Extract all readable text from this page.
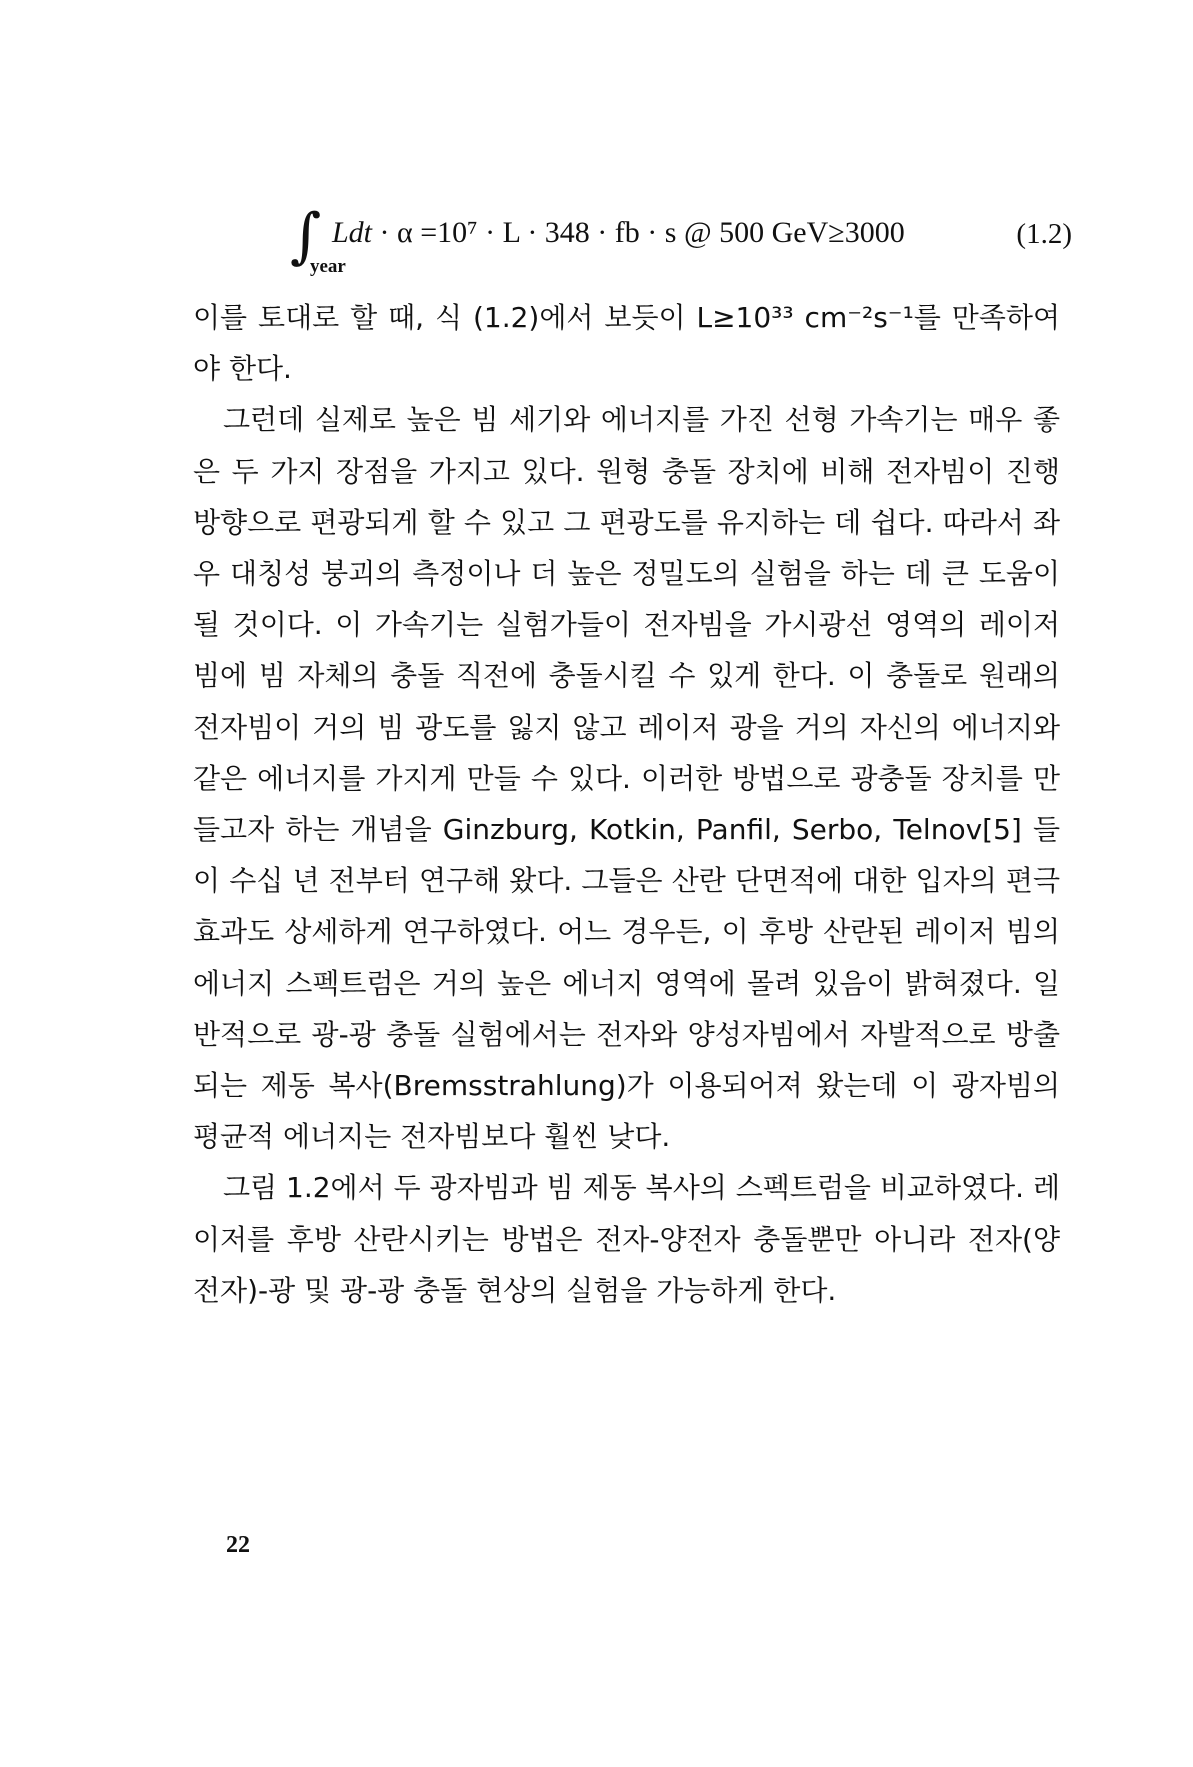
∫
year
Ldt · α =10⁷ · L · 348 · fb · s @ 500 GeV≥3000	(1.2)

이를 토대로 할 때, 식 (1.2)에서 보듯이 L≥10³³ cm⁻²s⁻¹를 만족하여야 한다.

그런데 실제로 높은 빔 세기와 에너지를 가진 선형 가속기는 매우 좋은 두 가지 장점을 가지고 있다. 원형 충돌 장치에 비해 전자빔이 진행 방향으로 편광되게 할 수 있고 그 편광도를 유지하는 데 쉽다. 따라서 좌우 대칭성 붕괴의 측정이나 더 높은 정밀도의 실험을 하는 데 큰 도움이 될 것이다. 이 가속기는 실험가들이 전자빔을 가시광선 영역의 레이저 빔에 빔 자체의 충돌 직전에 충돌시킬 수 있게 한다. 이 충돌로 원래의 전자빔이 거의 빔 광도를 잃지 않고 레이저 광을 거의 자신의 에너지와 같은 에너지를 가지게 만들 수 있다. 이러한 방법으로 광충돌 장치를 만들고자 하는 개념을 Ginzburg, Kotkin, Panfil, Serbo, Telnov[5] 들이 수십 년 전부터 연구해 왔다. 그들은 산란 단면적에 대한 입자의 편극 효과도 상세하게 연구하였다. 어느 경우든, 이 후방 산란된 레이저 빔의 에너지 스펙트럼은 거의 높은 에너지 영역에 몰려 있음이 밝혀졌다. 일반적으로 광-광 충돌 실험에서는 전자와 양성자빔에서 자발적으로 방출되는 제동 복사(Bremsstrahlung)가 이용되어져 왔는데 이 광자빔의 평균적 에너지는 전자빔보다 훨씬 낮다.

그림 1.2에서 두 광자빔과 빔 제동 복사의 스펙트럼을 비교하였다. 레이저를 후방 산란시키는 방법은 전자-양전자 충돌뿐만 아니라 전자(양전자)-광 및 광-광 충돌 현상의 실험을 가능하게 한다.

22
